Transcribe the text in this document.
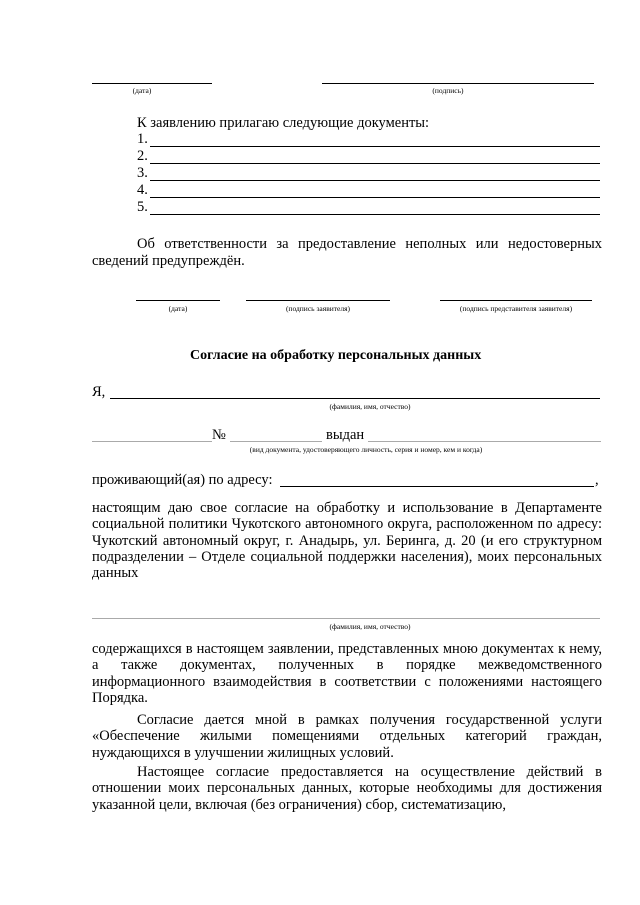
(дата)	(подпись)
К заявлению прилагаю следующие документы:
1.
2.
3.
4.
5.
Об ответственности за предоставление неполных или недостоверных сведений предупреждён.
(дата)	(подпись заявителя)	(подпись представителя заявителя)
Согласие на обработку персональных данных
Я,
(фамилия, имя, отчество)
№	выдан
(вид документа, удостоверяющего личность, серия и номер, кем и когда)
проживающий(ая) по адресу:	,
настоящим даю свое согласие на обработку и использование в Департаменте социальной политики Чукотского автономного округа, расположенном по адресу: Чукотский автономный округ, г. Анадырь, ул. Беринга, д. 20 (и его структурном подразделении – Отделе социальной поддержки населения), моих персональных данных
(фамилия, имя, отчество)
содержащихся в настоящем заявлении, представленных мною документах к нему, а также документах, полученных в порядке межведомственного информационного взаимодействия в соответствии с положениями настоящего Порядка.
Согласие дается мной в рамках получения государственной услуги «Обеспечение жилыми помещениями отдельных категорий граждан, нуждающихся в улучшении жилищных условий.
Настоящее согласие предоставляется на осуществление действий в отношении моих персональных данных, которые необходимы для достижения указанной цели, включая (без ограничения) сбор, систематизацию,
